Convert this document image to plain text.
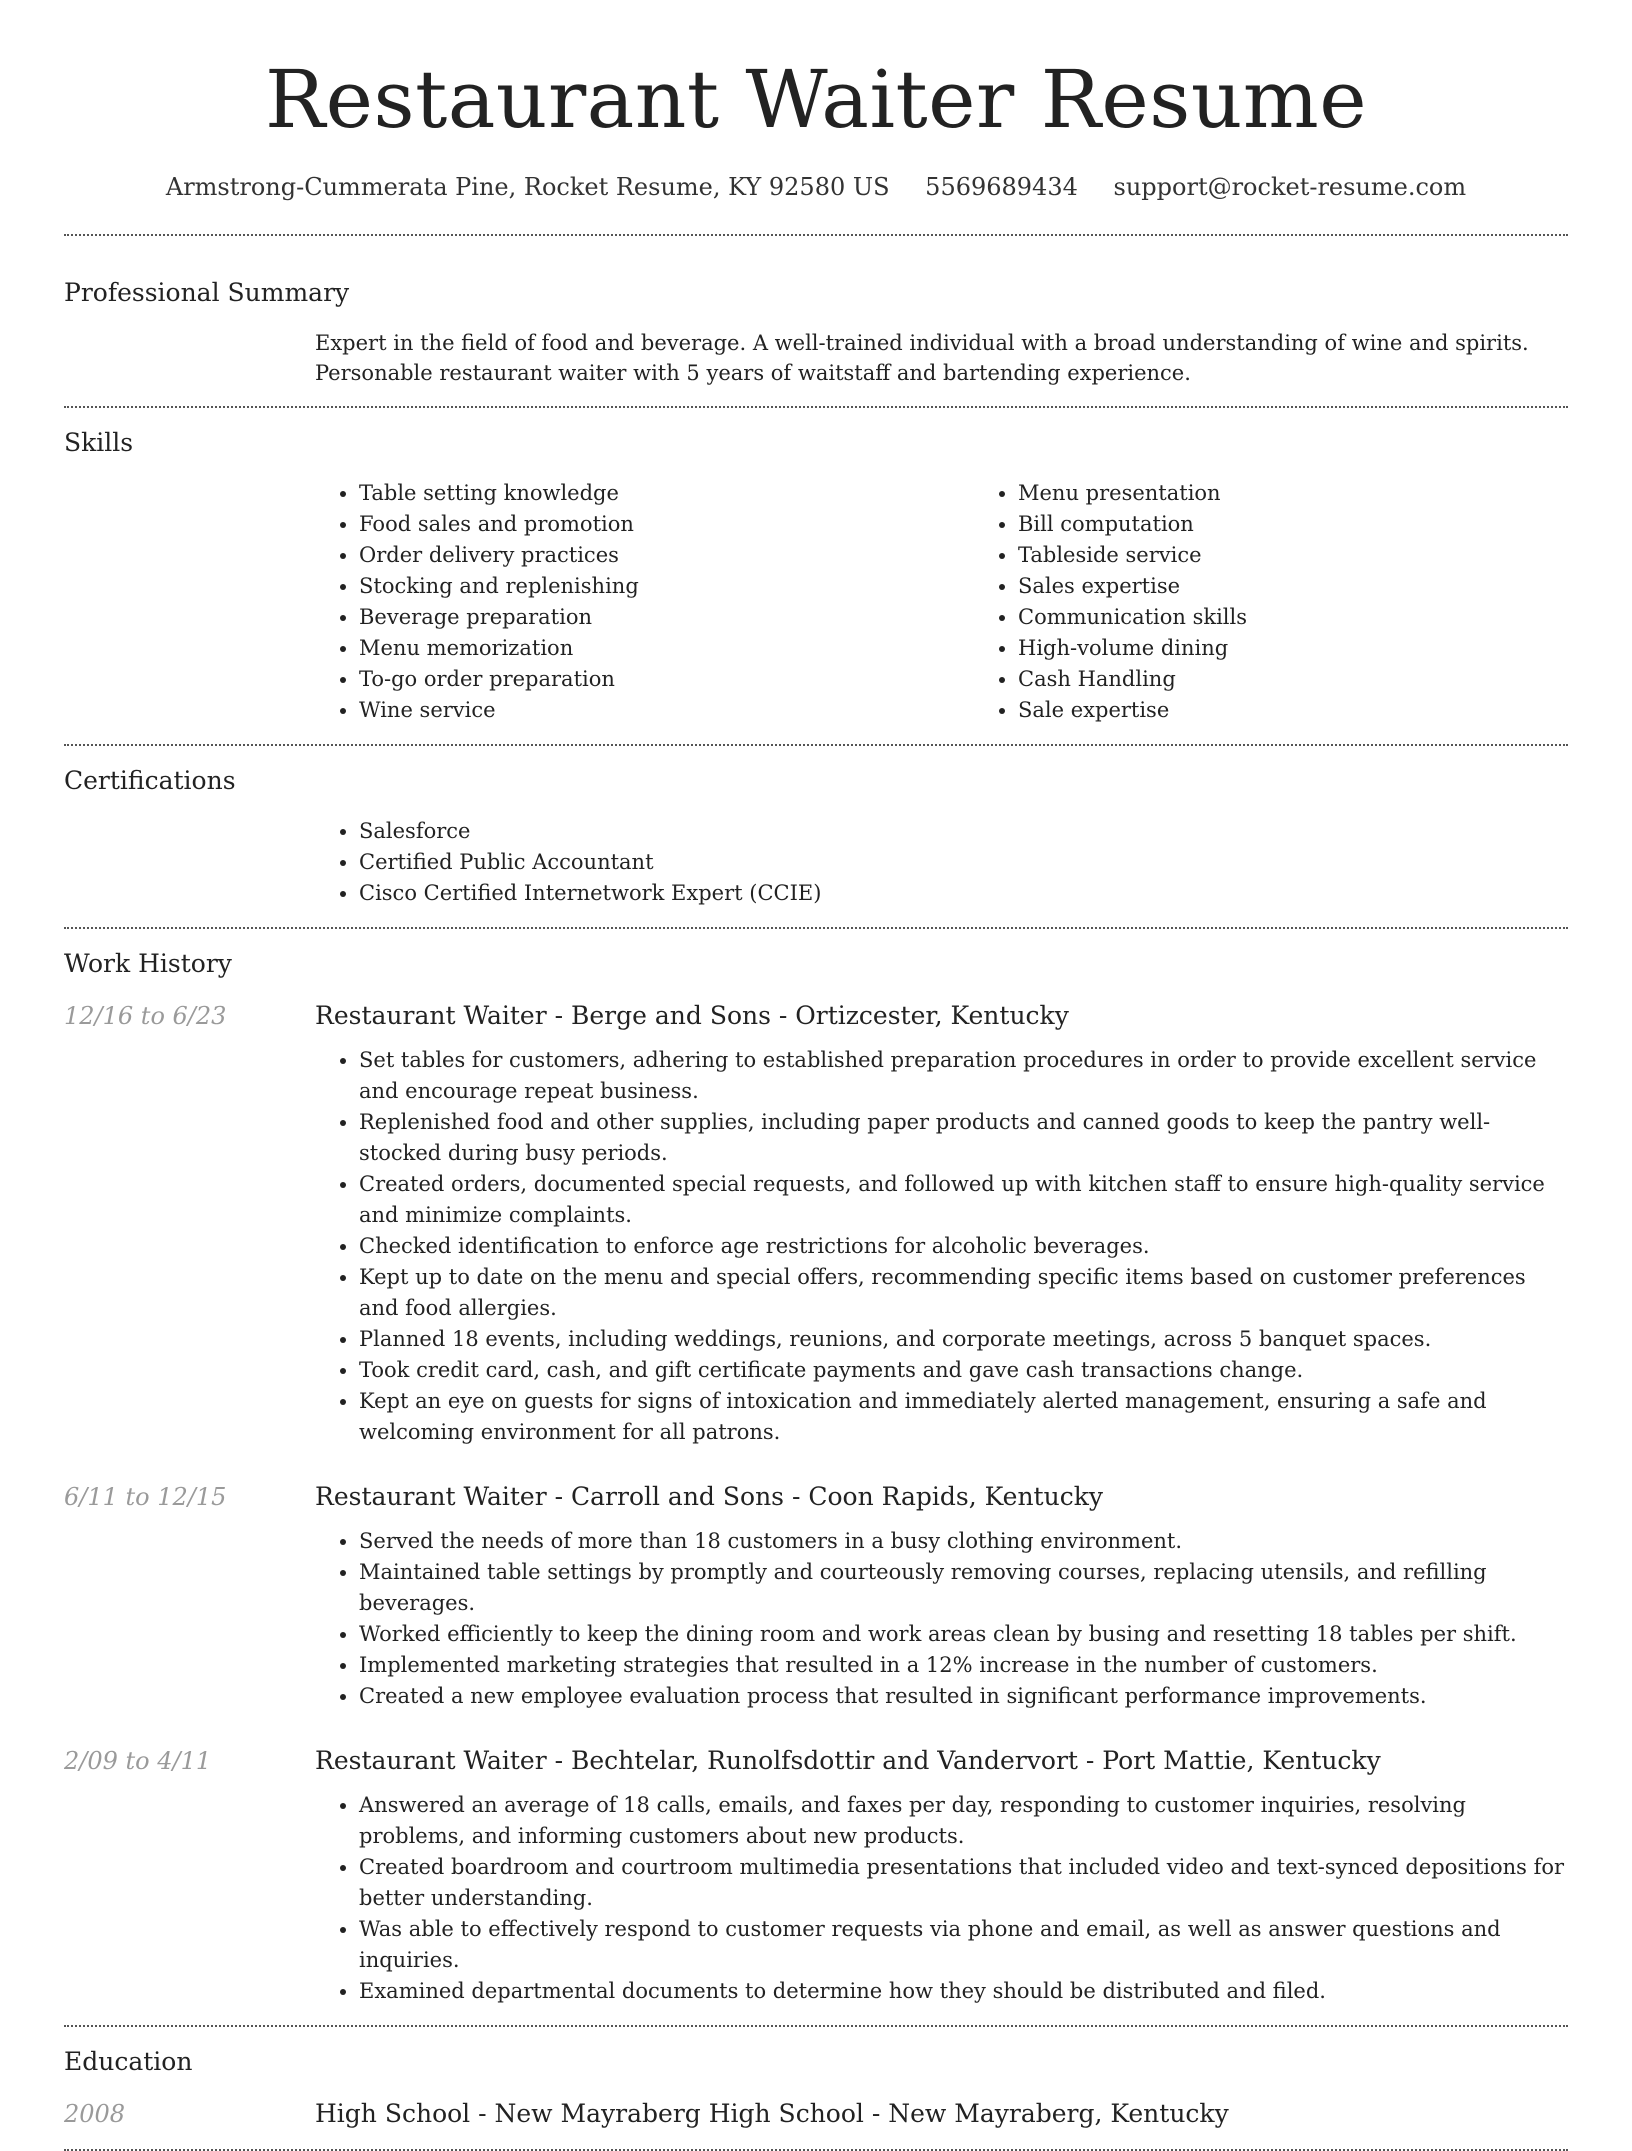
Restaurant Waiter Resume
Armstrong-Cummerata Pine, Rocket Resume, KY 92580 US 5569689434 support@rocket-resume.com
Professional Summary

Expert in the field of food and beverage. A well-trained individual with a broad understanding of wine and spirits. Personable restaurant waiter with 5 years of waitstaff and bartending experience.

Skills
• Table setting knowledge
• Food sales and promotion
• Order delivery practices
• Stocking and replenishing
• Beverage preparation
• Menu memorization
• To-go order preparation
• Wine service
• Menu presentation
• Bill computation
• Tableside service
• Sales expertise
• Communication skills
• High-volume dining
• Cash Handling
• Sale expertise
Certifications
• Salesforce
• Certified Public Accountant
• Cisco Certified Internetwork Expert (CCIE)
Work History
12/16 to 6/23	Restaurant Waiter - Berge and Sons - Ortizcester, Kentucky
• Set tables for customers, adhering to established preparation procedures in order to provide excellent service and encourage repeat business.
• Replenished food and other supplies, including paper products and canned goods to keep the pantry well-stocked during busy periods.
• Created orders, documented special requests, and followed up with kitchen staff to ensure high-quality service and minimize complaints.
• Checked identification to enforce age restrictions for alcoholic beverages.
• Kept up to date on the menu and special offers, recommending specific items based on customer preferences and food allergies.
• Planned 18 events, including weddings, reunions, and corporate meetings, across 5 banquet spaces.
• Took credit card, cash, and gift certificate payments and gave cash transactions change.
• Kept an eye on guests for signs of intoxication and immediately alerted management, ensuring a safe and welcoming environment for all patrons.
6/11 to 12/15	Restaurant Waiter - Carroll and Sons - Coon Rapids, Kentucky
• Served the needs of more than 18 customers in a busy clothing environment.
• Maintained table settings by promptly and courteously removing courses, replacing utensils, and refilling beverages.
• Worked efficiently to keep the dining room and work areas clean by busing and resetting 18 tables per shift.
• Implemented marketing strategies that resulted in a 12% increase in the number of customers.
• Created a new employee evaluation process that resulted in significant performance improvements.
2/09 to 4/11	Restaurant Waiter - Bechtelar, Runolfsdottir and Vandervort - Port Mattie, Kentucky
• Answered an average of 18 calls, emails, and faxes per day, responding to customer inquiries, resolving problems, and informing customers about new products.
• Created boardroom and courtroom multimedia presentations that included video and text-synced depositions for better understanding.
• Was able to effectively respond to customer requests via phone and email, as well as answer questions and inquiries.
• Examined departmental documents to determine how they should be distributed and filed.
Education
2008	High School - New Mayraberg High School - New Mayraberg, Kentucky
